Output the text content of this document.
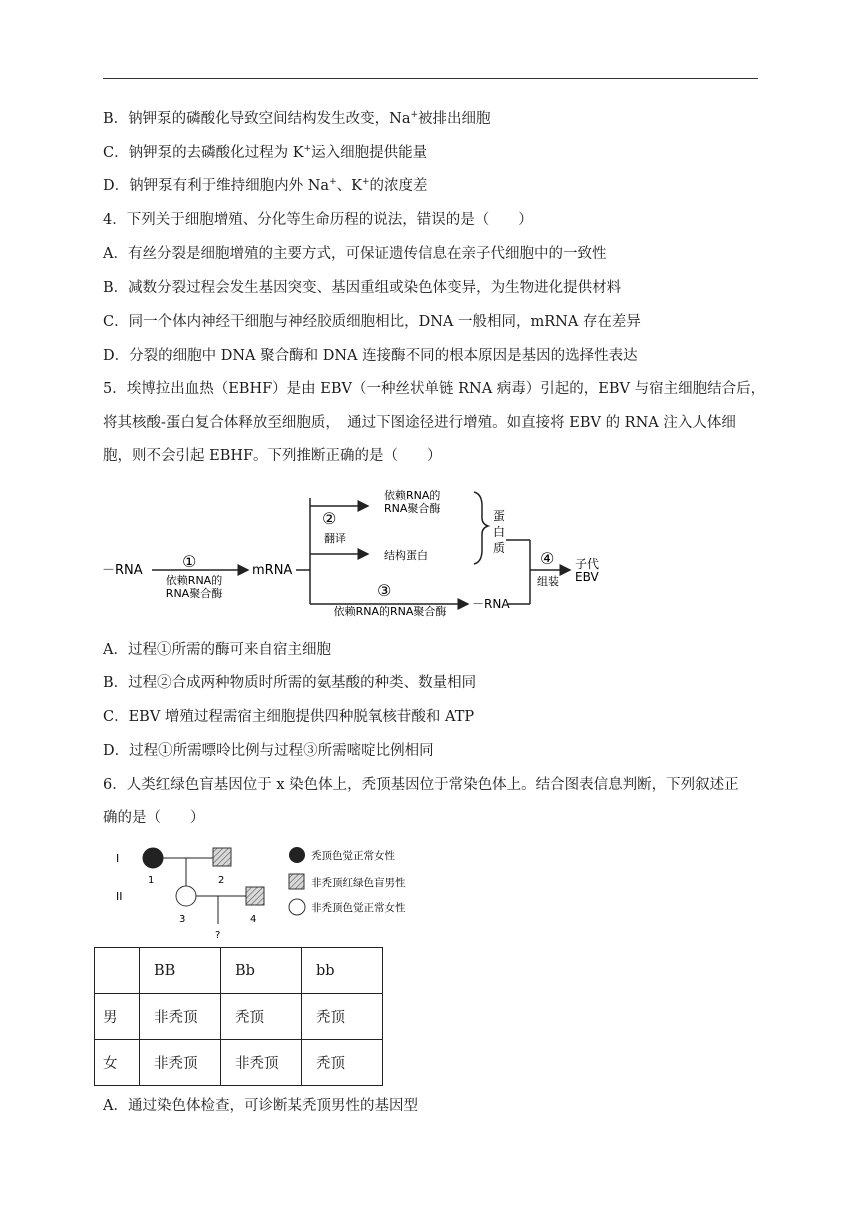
B．钠钾泵的磷酸化导致空间结构发生改变，Na+被排出细胞
C．钠钾泵的去磷酸化过程为 K+运入细胞提供能量
D．钠钾泵有利于维持细胞内外 Na+、K+的浓度差
4．下列关于细胞增殖、分化等生命历程的说法，错误的是（　　）
A．有丝分裂是细胞增殖的主要方式，可保证遗传信息在亲子代细胞中的一致性
B．减数分裂过程会发生基因突变、基因重组或染色体变异，为生物进化提供材料
C．同一个体内神经干细胞与神经胶质细胞相比，DNA 一般相同，mRNA 存在差异
D．分裂的细胞中 DNA 聚合酶和 DNA 连接酶不同的根本原因是基因的选择性表达
5．埃博拉出血热（EBHF）是由 EBV（一种丝状单链 RNA 病毒）引起的，EBV 与宿主细胞结合后，
将其核酸-蛋白复合体释放至细胞质，　通过下图途径进行增殖。如直接将 EBV 的 RNA 注入人体细
胞，则不会引起 EBHF。下列推断正确的是（　　）
－RNA ①
依赖RNA的
RNA聚合酶
mRNA
②
翻译
依赖RNA的
RNA聚合酶
结构蛋白
蛋
白
质
③
依赖RNA的RNA聚合酶
－RNA
④
组装
子代
EBV
A．过程①所需的酶可来自宿主细胞
B．过程②合成两种物质时所需的氨基酸的种类、数量相同
C．EBV 增殖过程需宿主细胞提供四种脱氧核苷酸和 ATP
D．过程①所需嘌呤比例与过程③所需嘧啶比例相同
6．人类红绿色盲基因位于 x 染色体上，秃顶基因位于常染色体上。结合图表信息判断，下列叙述正
确的是（　　）
I
II
1	2
3	4
?
秃顶色觉正常女性
非秃顶红绿色盲男性
非秃顶色觉正常女性
	BB	Bb	bb
男	非秃顶	秃顶	秃顶
女	非秃顶	非秃顶	秃顶
A．通过染色体检查，可诊断某秃顶男性的基因型
